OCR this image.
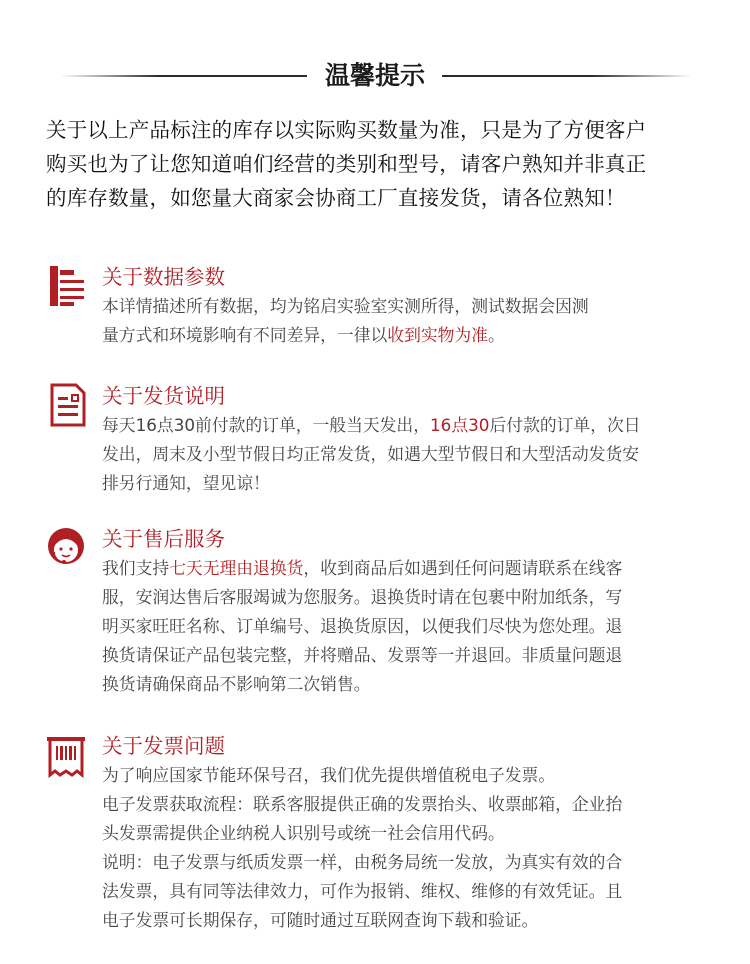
温馨提示
关于以上产品标注的库存以实际购买数量为准，只是为了方便客户
购买也为了让您知道咱们经营的类别和型号，请客户熟知并非真正
的库存数量，如您量大商家会协商工厂直接发货，请各位熟知！
关于数据参数
本详情描述所有数据，均为铭启实验室实测所得，测试数据会因测
量方式和环境影响有不同差异，一律以收到实物为准。
关于发货说明
每天16点30前付款的订单，一般当天发出，16点30后付款的订单，次日
发出，周末及小型节假日均正常发货，如遇大型节假日和大型活动发货安
排另行通知，望见谅！
关于售后服务
我们支持七天无理由退换货，收到商品后如遇到任何问题请联系在线客
服，安润达售后客服竭诚为您服务。退换货时请在包裹中附加纸条，写
明买家旺旺名称、订单编号、退换货原因，以便我们尽快为您处理。退
换货请保证产品包装完整，并将赠品、发票等一并退回。非质量问题退
换货请确保商品不影响第二次销售。
关于发票问题
为了响应国家节能环保号召，我们优先提供增值税电子发票。
电子发票获取流程：联系客服提供正确的发票抬头、收票邮箱，企业抬
头发票需提供企业纳税人识别号或统一社会信用代码。
说明：电子发票与纸质发票一样，由税务局统一发放，为真实有效的合
法发票，具有同等法律效力，可作为报销、维权、维修的有效凭证。且
电子发票可长期保存，可随时通过互联网查询下载和验证。
